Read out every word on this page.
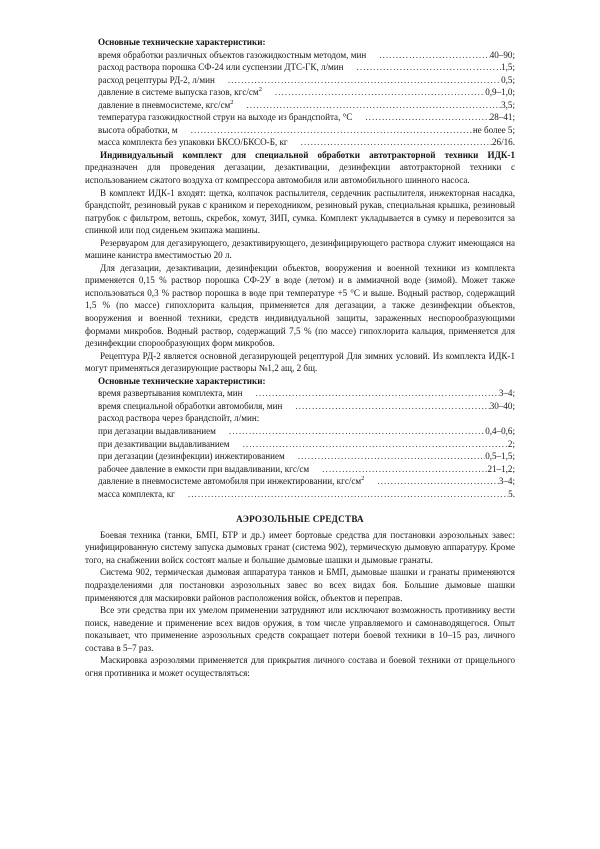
Основные технические характеристики:
время обработки различных объектов газожидкостным методом, мин .....	40–90;
расход раствора порошка СФ-24 или суспензии ДТС-ГК, л/мин .....	1,5;
расход рецептуры РД-2, л/мин .....	0,5;
давление в системе выпуска газов, кгс/$см^2$ .....	0,9–1,0;
давление в пневмосистеме, кгс/$см^2$ .....	3,5;
температура газожидкостной струи на выходе из брандспойта, °С .....	28–41;
высота обработки, м .....	не более 5;
масса комплекта без упаковки БКСО/БКСО-Б, кг .....	26/16.

Индивидуальный комплект для специальной обработки автотракторной техники ИДК-1 предназначен для проведения дегазации, дезактивации, дезинфекции автотракторной техники с использованием сжатого воздуха от компрессора автомобиля или автомобильного шинного насоса.

В комплект ИДК-1 входят: щетка, колпачок распылителя, сердечник распылителя, инжекторная насадка, брандспойт, резиновый рукав с краником и переходником, резиновый рукав, специальная крышка, резиновый патрубок с фильтром, ветошь, скребок, хомут, ЗИП, сумка. Комплект укладывается в сумку и перевозится за спинкой или под сиденьем экипажа машины.

Резервуаром для дегазирующего, дезактивирующего, дезинфицирующего раствора служит имеющаяся на машине канистра вместимостью 20 л.

Для дегазации, дезактивации, дезинфекции объектов, вооружения и военной техники из комплекта применяется 0,15 % раствор порошка СФ-2У в воде (летом) и в аммиачной воде (зимой). Может также использоваться 0,3 % раствор порошка в воде при температуре +5 °С и выше. Водный раствор, содержащий 1,5 % (по массе) гипохлорита кальция, применяется для дегазации, а также дезинфекции объектов, вооружения и военной техники, средств индивидуальной защиты, зараженных неспорообразующими формами микробов. Водный раствор, содержащий 7,5 % (по массе) гипохлорита кальция, применяется для дезинфекции спорообразующих форм микробов.

Рецептура РД-2 является основной дегазирующей рецептурой Для зимних условий. Из комплекта ИДК-1 могут применяться дегазирующие растворы №1,2 ащ, 2 бщ.

Основные технические характеристики:
время развертывания комплекта, мин .....	3–4;
время специальной обработки автомобиля, мин .....	30–40;
расход раствора через брандспойт, л/мин:
при дегазации выдавливанием .....	0,4–0,6;
при дезактивации выдавливанием .....	2;
при дегазации (дезинфекции) инжектированием .....	0,5–1,5;
рабочее давление в емкости при выдавливании, кгс/см .....	21–1,2;
давление в пневмосистеме автомобиля при инжектировании, кгс/$см^2$ .....	3–4;
масса комплекта, кг .....	5.
АЭРОЗОЛЬНЫЕ СРЕДСТВА

Боевая техника (танки, БМП, БТР и др.) имеет бортовые средства для постановки аэрозольных завес: унифицированную систему запуска дымовых гранат (система 902), термическую дымовую аппаратуру. Кроме того, на снабжении войск состоят малые и большие дымовые шашки и дымовые гранаты.

Система 902, термическая дымовая аппаратура танков и БМП, дымовые шашки и гранаты применяются подразделениями для постановки аэрозольных завес во всех видах боя. Большие дымовые шашки применяются для маскировки районов расположения войск, объектов и переправ.

Все эти средства при их умелом применении затрудняют или исключают возможность противнику вести поиск, наведение и применение всех видов оружия, в том числе управляемого и самонаводящегося. Опыт показывает, что применение аэрозольных средств сокращает потери боевой техники в 10–15 раз, личного состава в 5–7 раз.

Маскировка аэрозолями применяется для прикрытия личного состава и боевой техники от прицельного огня противника и может осуществляться:
